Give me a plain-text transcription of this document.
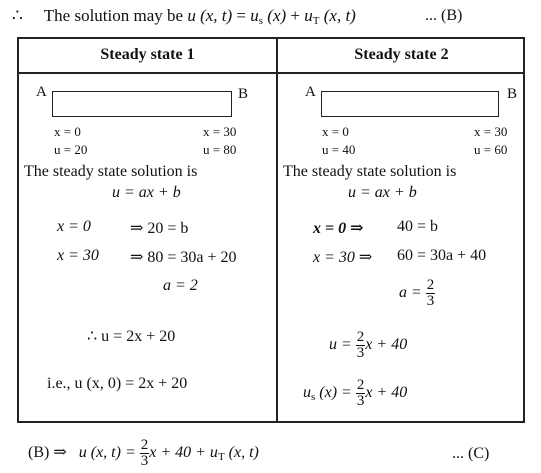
∴ The solution may be u (x, $t) = u_s$ $(x) + u_T$ (x, t)	... (B)
Steady state 1	Steady state 2
A	B
x = 0
u = 20
x = 30
u = 80
The steady state solution is
u = ax + b
x = 0 ⇒ 20 = b
x = 30 ⇒ 80 = 30a + 20
a = 2
∴ u = 2x + 20
i.e., u (x, 0) = 2x + 20
A	B
x = 0
u = 40
x = 30
u = 60
The steady state solution is
u = ax + b
x = 0 ⇒ 40 = b
x = 30 ⇒ 60 = 30a + 40
$a = \frac{2}{3}$
$u = \frac{2}{3}$ x + 40
$u_s$ $(x) = \frac{2}{3}$ x + 40
(B) ⇒ u (x, $t) = \frac{2}{3}$ $x + 40 + u_T$ (x, t)	... (C)
